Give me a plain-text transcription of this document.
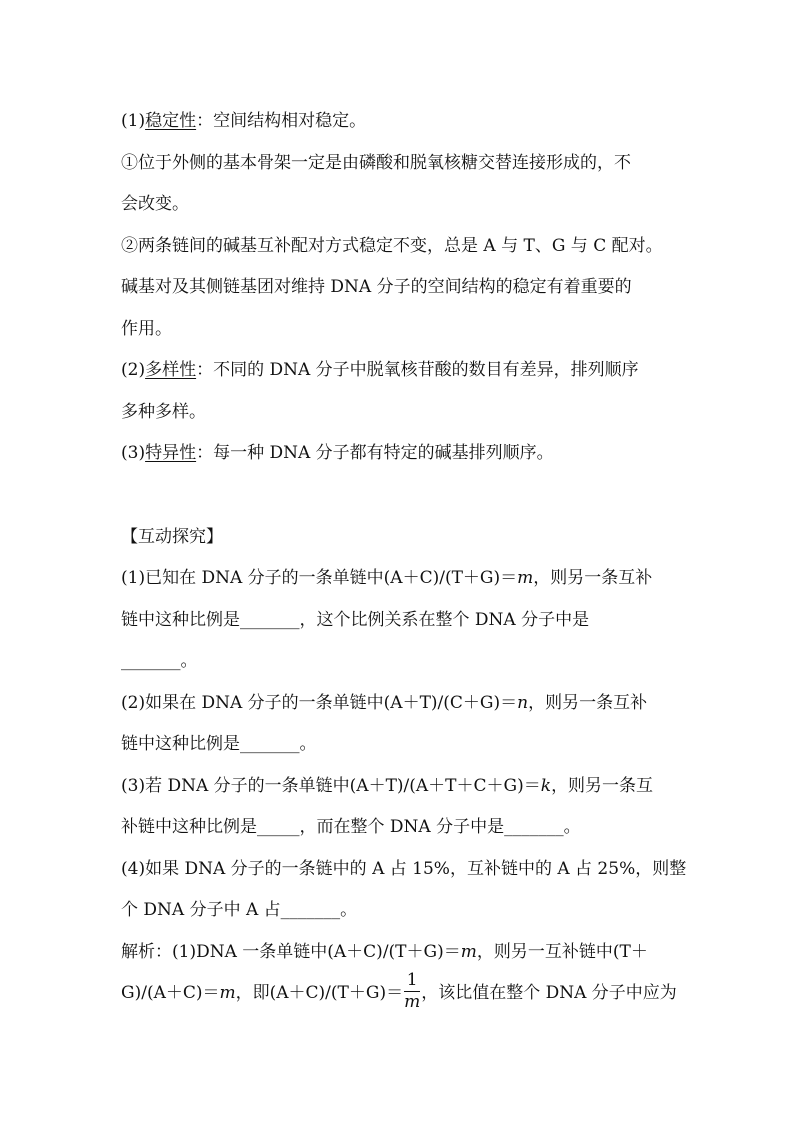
(1)稳定性：空间结构相对稳定。
①位于外侧的基本骨架一定是由磷酸和脱氧核糖交替连接形成的，不
会改变。
②两条链间的碱基互补配对方式稳定不变，总是 A 与 T、G 与 C 配对。
碱基对及其侧链基团对维持 DNA 分子的空间结构的稳定有着重要的
作用。
(2)多样性：不同的 DNA 分子中脱氧核苷酸的数目有差异，排列顺序
多种多样。
(3)特异性：每一种 DNA 分子都有特定的碱基排列顺序。
【互动探究】
(1)已知在 DNA 分子的一条单链中(A＋C)/(T＋G)＝m，则另一条互补
链中这种比例是_______，这个比例关系在整个 DNA 分子中是
_______。
(2)如果在 DNA 分子的一条单链中(A＋T)/(C＋G)＝n，则另一条互补
链中这种比例是_______。
(3)若 DNA 分子的一条单链中(A＋T)/(A＋T＋C＋G)＝k，则另一条互
补链中这种比例是_____，而在整个 DNA 分子中是_______。
(4)如果 DNA 分子的一条链中的 A 占 15%，互补链中的 A 占 25%，则整
个 DNA 分子中 A 占_______。
解析：(1)DNA 一条单链中(A＋C)/(T＋G)＝m，则另一互补链中(T＋
G)/(A＋C)＝m，即$(A+C)/(T+G)= \frac{1}{m}$ ，该比值在整个 DNA 分子中应为
